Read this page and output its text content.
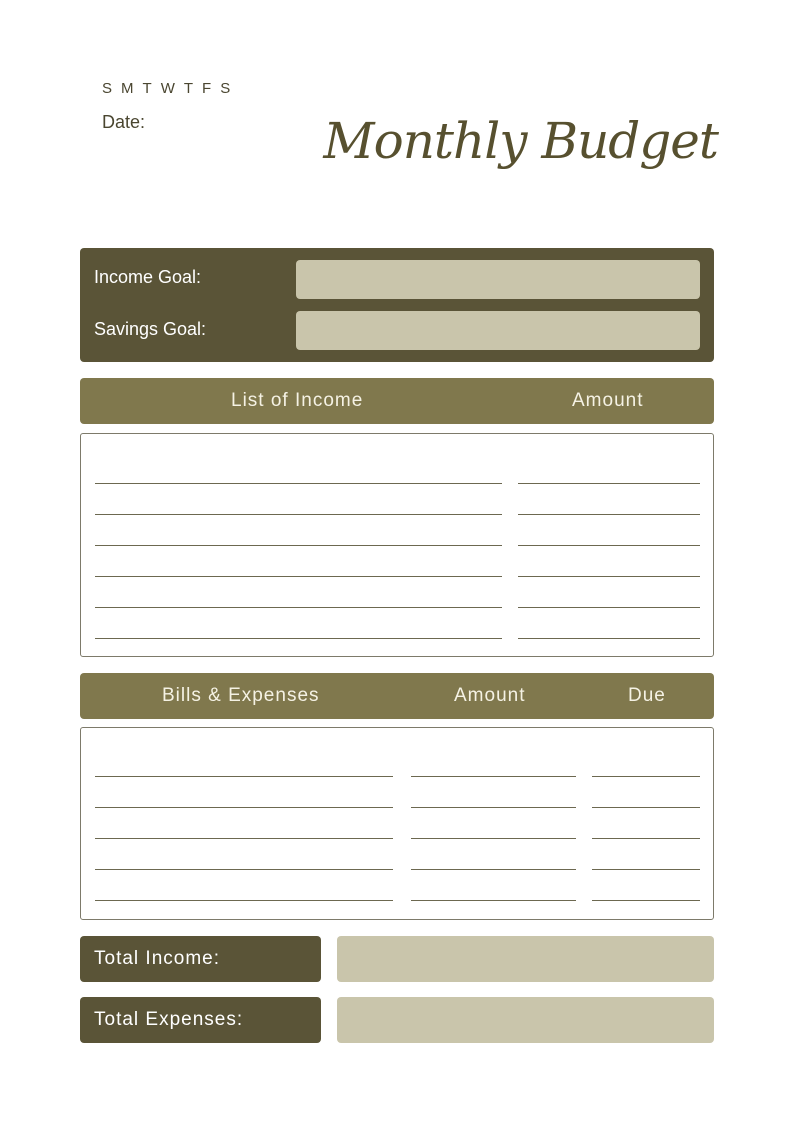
S M T W T F S
Date:	Monthly Budget
Income Goal:
Savings Goal:
List of Income	Amount
Bills & Expenses	Amount	Due
Total Income:
Total Expenses:
